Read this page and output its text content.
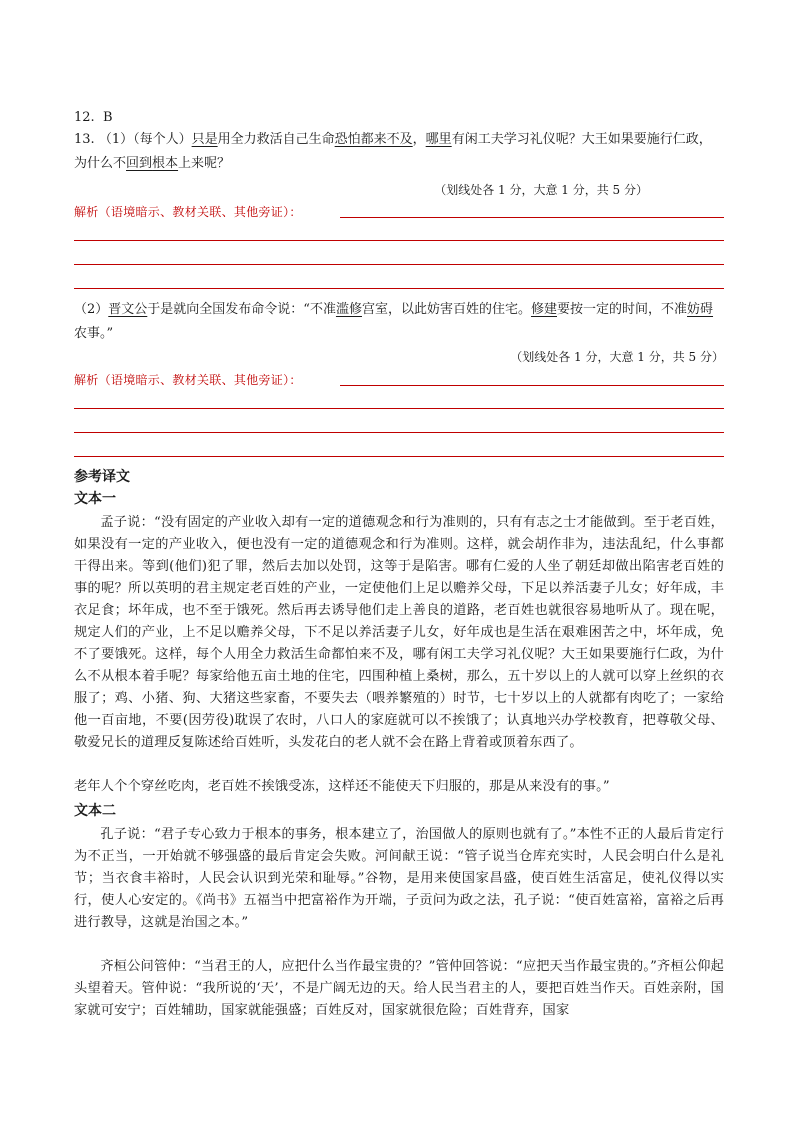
12. B
13. （1）（每个人）只是用全力救活自己生命恐怕都来不及，哪里有闲工夫学习礼仪呢？大王如果要施行仁政，为什么不回到根本上来呢？
（划线处各 1 分，大意 1 分，共 5 分）
解析（语境暗示、教材关联、其他旁证）：
（2）晋文公于是就向全国发布命令说：“不准滥修宫室，以此妨害百姓的住宅。修建要按一定的时间，不准妨碍农事。”
（划线处各 1 分，大意 1 分，共 5 分）
解析（语境暗示、教材关联、其他旁证）：
参考译文
文本一
孟子说：“没有固定的产业收入却有一定的道德观念和行为准则的，只有有志之士才能做到。至于老百姓，如果没有一定的产业收入，便也没有一定的道德观念和行为准则。这样，就会胡作非为，违法乱纪，什么事都干得出来。等到(他们)犯了罪，然后去加以处罚，这等于是陷害。哪有仁爱的人坐了朝廷却做出陷害老百姓的事的呢？所以英明的君主规定老百姓的产业，一定使他们上足以赡养父母，下足以养活妻子儿女；好年成，丰衣足食；坏年成，也不至于饿死。然后再去诱导他们走上善良的道路，老百姓也就很容易地听从了。现在呢，规定人们的产业，上不足以赡养父母，下不足以养活妻子儿女，好年成也是生活在艰难困苦之中，坏年成，免不了要饿死。这样，每个人用全力救活生命都怕来不及，哪有闲工夫学习礼仪呢？大王如果要施行仁政，为什么不从根本着手呢？每家给他五亩土地的住宅，四围种植上桑树，那么，五十岁以上的人就可以穿上丝织的衣服了；鸡、小猪、狗、大猪这些家畜，不要失去（喂养繁殖的）时节，七十岁以上的人就都有肉吃了；一家给他一百亩地，不要(因劳役)耽误了农时，八口人的家庭就可以不挨饿了；认真地兴办学校教育，把尊敬父母、敬爱兄长的道理反复陈述给百姓听，头发花白的老人就不会在路上背着或顶着东西了。
老年人个个穿丝吃肉，老百姓不挨饿受冻，这样还不能使天下归服的，那是从来没有的事。”
文本二
孔子说：“君子专心致力于根本的事务，根本建立了，治国做人的原则也就有了。”本性不正的人最后肯定行为不正当，一开始就不够强盛的最后肯定会失败。河间献王说：“管子说当仓库充实时，人民会明白什么是礼节；当衣食丰裕时，人民会认识到光荣和耻辱。”谷物，是用来使国家昌盛，使百姓生活富足，使礼仪得以实行，使人心安定的。《尚书》五福当中把富裕作为开端，子贡问为政之法，孔子说：“使百姓富裕，富裕之后再进行教导，这就是治国之本。”
齐桓公问管仲：“当君王的人，应把什么当作最宝贵的？”管仲回答说：“应把天当作最宝贵的。”齐桓公仰起头望着天。管仲说：“我所说的‘天’，不是广阔无边的天。给人民当君主的人，要把百姓当作天。百姓亲附，国家就可安宁；百姓辅助，国家就能强盛；百姓反对，国家就很危险；百姓背弃，国家
